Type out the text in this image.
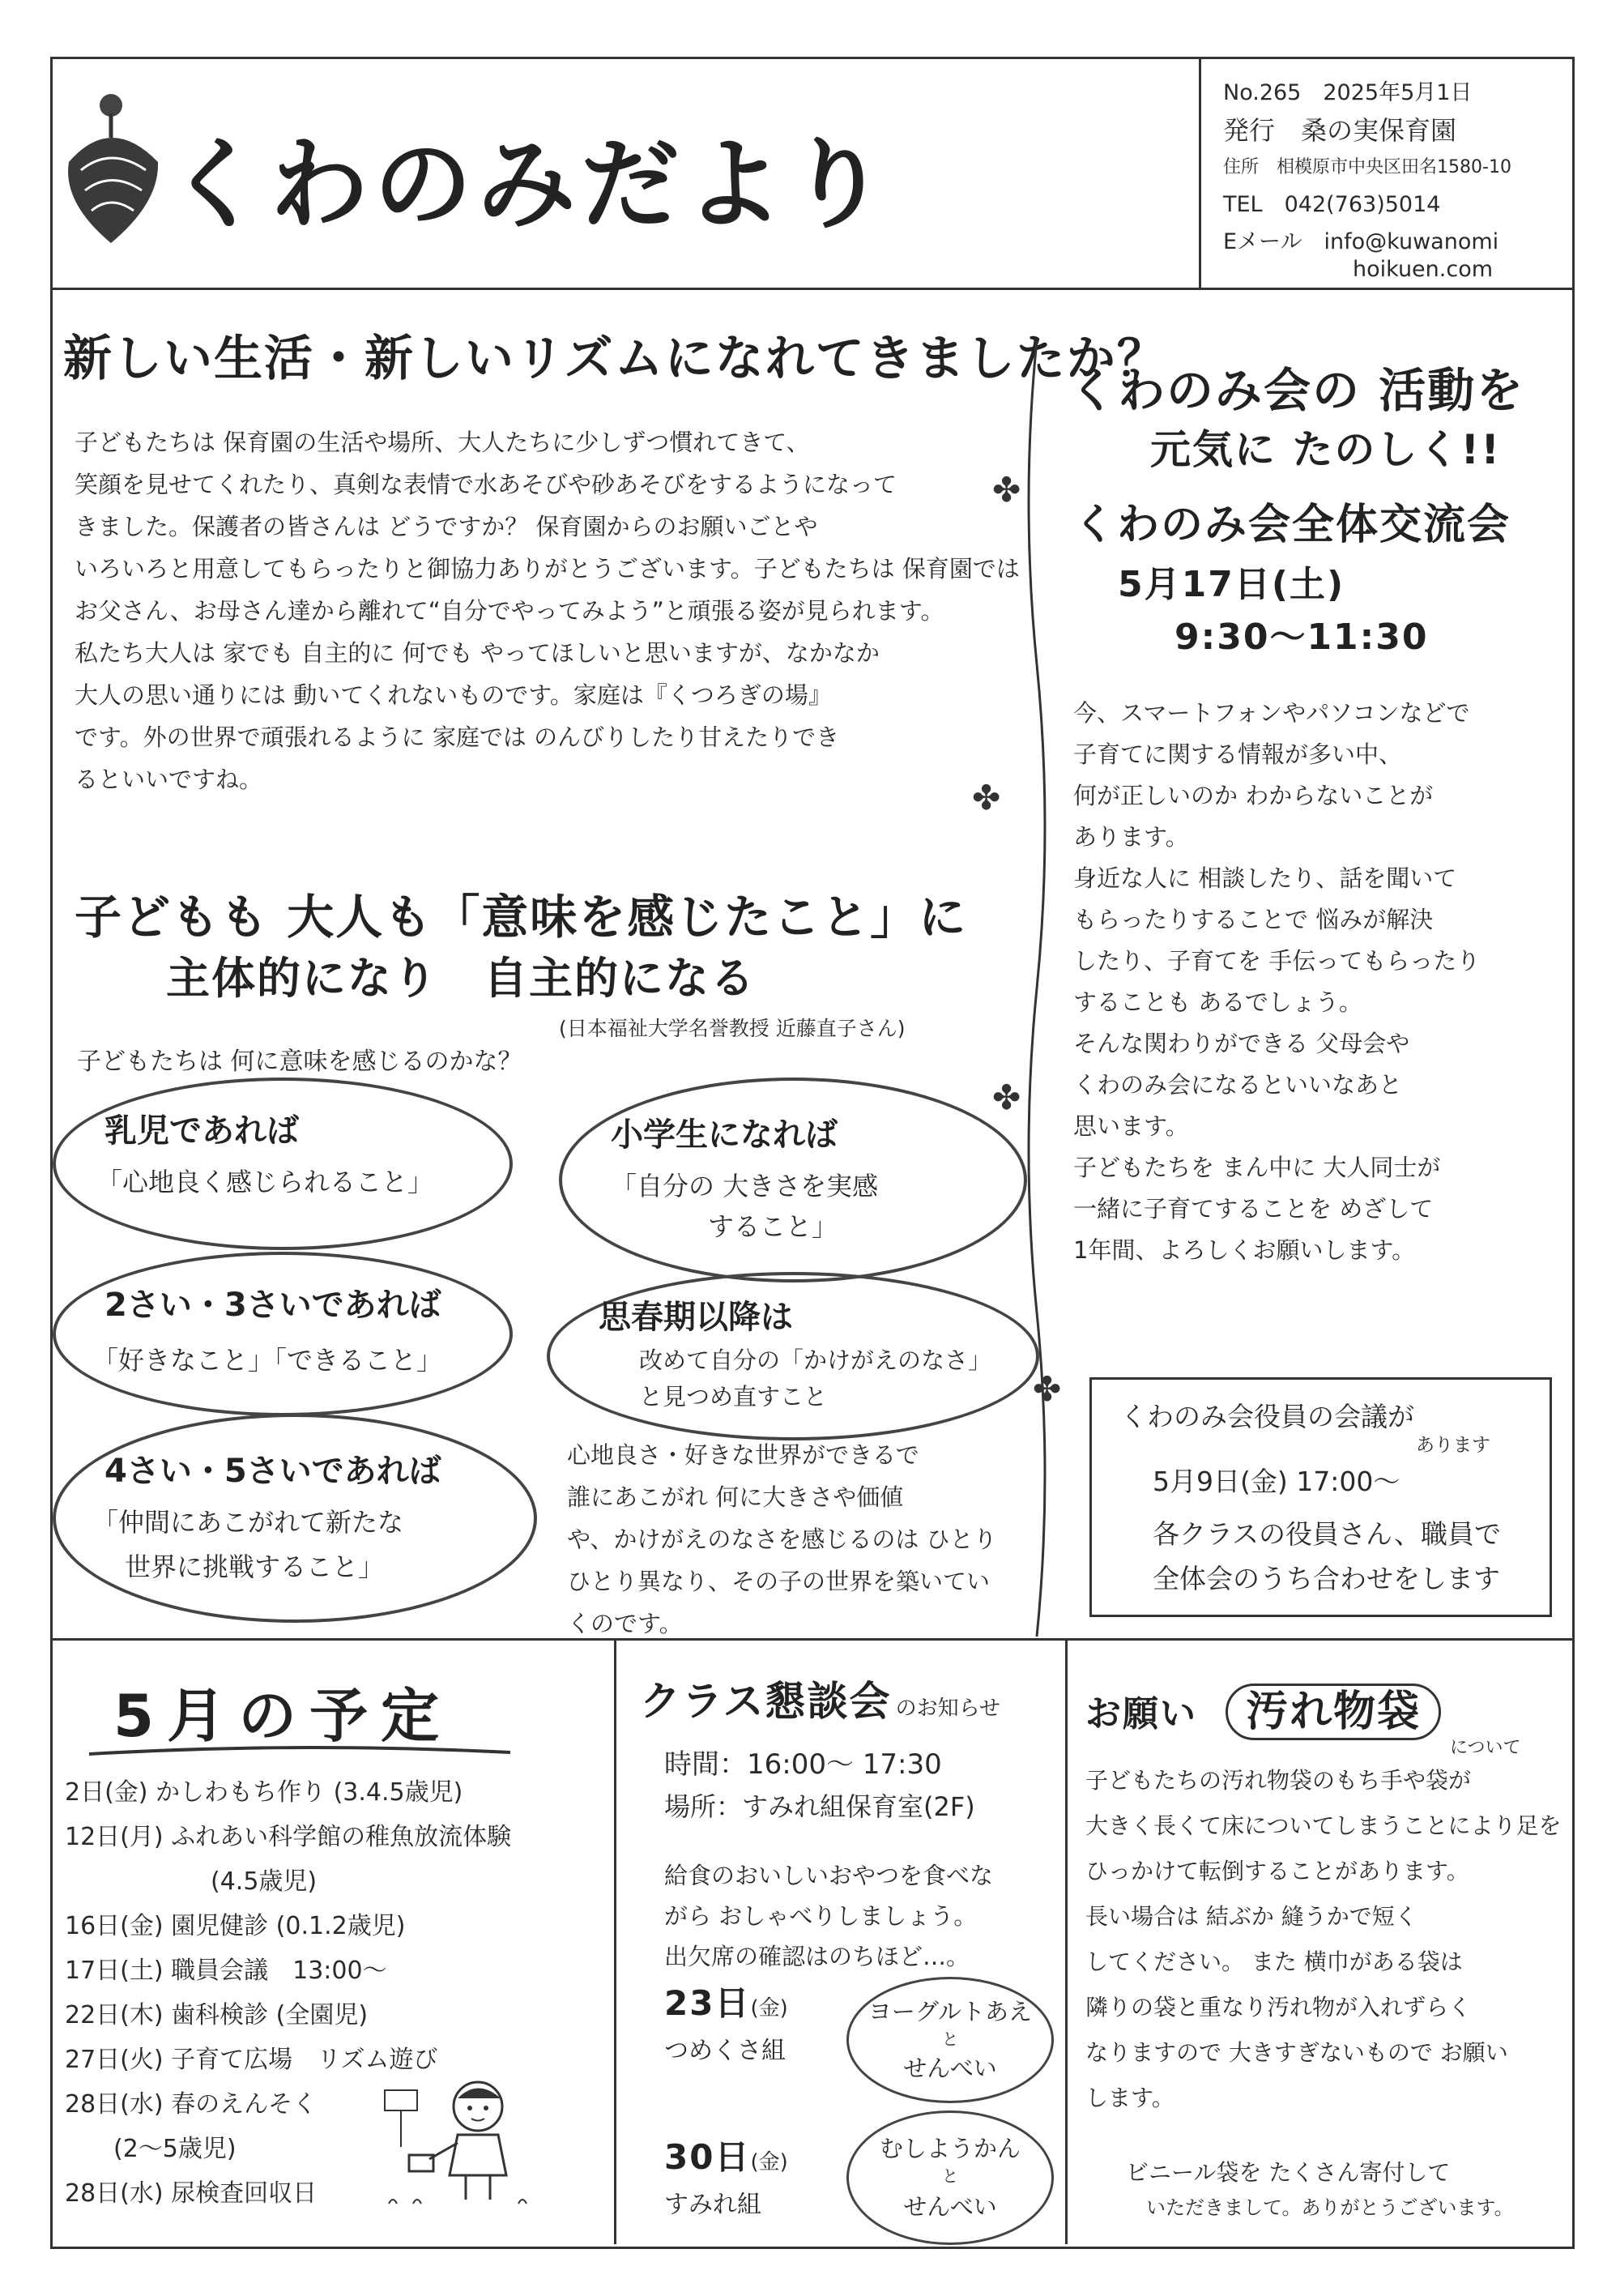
くわのみだより
No.265　 2025年5月1日
発行　 桑の実保育園
住所　 相模原市中央区田名1580-10
TEL　 042(763)5014
Eメール　 info@kuwanomi
hoikuen.com
新しい生活・新しいリズムになれてきましたか？
子どもたちは 保育園の生活や場所、大人たちに少しずつ慣れてきて、
笑顔を見せてくれたり、真剣な表情で水あそびや砂あそびをするようになって
きました。保護者の皆さんは どうですか？ 保育園からのお願いごとや
いろいろと用意してもらったりと御協力ありがとうございます。子どもたちは 保育園では
お父さん、お母さん達から離れて“自分でやってみよう”と頑張る姿が見られます。
私たち大人は 家でも 自主的に 何でも やってほしいと思いますが、なかなか
大人の思い通りには 動いてくれないものです。家庭は『くつろぎの場』
です。外の世界で頑張れるように 家庭では のんびりしたり甘えたりでき
るといいですね。
子どもも 大人も「意味を感じたこと」に
主体的になり　自主的になる
(日本福祉大学名誉教授 近藤直子さん)
子どもたちは 何に意味を感じるのかな？
乳児であれば
「心地良く感じられること」
2さい・3さいであれば
「好きなこと」「できること」
4さい・5さいであれば
「仲間にあこがれて新たな
世界に挑戦すること」
小学生になれば
「自分の 大きさを実感
すること」
思春期以降は
改めて自分の「かけがえのなさ」
と見つめ直すこと
心地良さ・好きな世界ができるで
誰にあこがれ 何に大きさや価値
や、かけがえのなさを感じるのは ひとり
ひとり異なり、その子の世界を築いてい
くのです。
✤
✤
✤
✤
くわのみ会の 活動を
元気に たのしく!!
くわのみ会全体交流会
5月17日(土)
9:30〜11:30
今、スマートフォンやパソコンなどで
子育てに関する情報が多い中、
何が正しいのか わからないことが
あります。
身近な人に 相談したり、話を聞いて
もらったりすることで 悩みが解決
したり、子育てを 手伝ってもらったり
することも あるでしょう。
そんな関わりができる 父母会や
くわのみ会になるといいなあと
思います。
子どもたちを まん中に 大人同士が
一緒に子育てすることを めざして
1年間、よろしくお願いします。
くわのみ会役員の会議が
あります
5月9日(金) 17:00〜
各クラスの役員さん、職員で
全体会のうち合わせをします
5月の予定
2日(金) かしわもち作り (3.4.5歳児)
12日(月) ふれあい科学館の稚魚放流体験
　　　　　　(4.5歳児)
16日(金) 園児健診 (0.1.2歳児)
17日(土) 職員会議　13:00〜
22日(木) 歯科検診 (全園児)
27日(火) 子育て広場　リズム遊び
28日(水) 春のえんそく
　　(2〜5歳児)
28日(水) 尿検査回収日
クラス懇談会 のお知らせ
時間：16:00〜 17:30
場所：すみれ組保育室(2F)
給食のおいしいおやつを食べな
がら おしゃべりしましょう。
出欠席の確認はのちほど…。
23日(金)
つめくさ組
ヨーグルトあえ
と
せんべい
30日(金)
すみれ組
むしようかん
と
せんべい
お願い 汚れ物袋
について
子どもたちの汚れ物袋のもち手や袋が
大きく長くて床についてしまうことにより足を
ひっかけて転倒することがあります。
長い場合は 結ぶか 縫うかで短く
してください。 また 横巾がある袋は
隣りの袋と重なり汚れ物が入れずらく
なりますので 大きすぎないもので お願い
します。
ビニール袋を たくさん寄付して
いただきまして。ありがとうございます。
